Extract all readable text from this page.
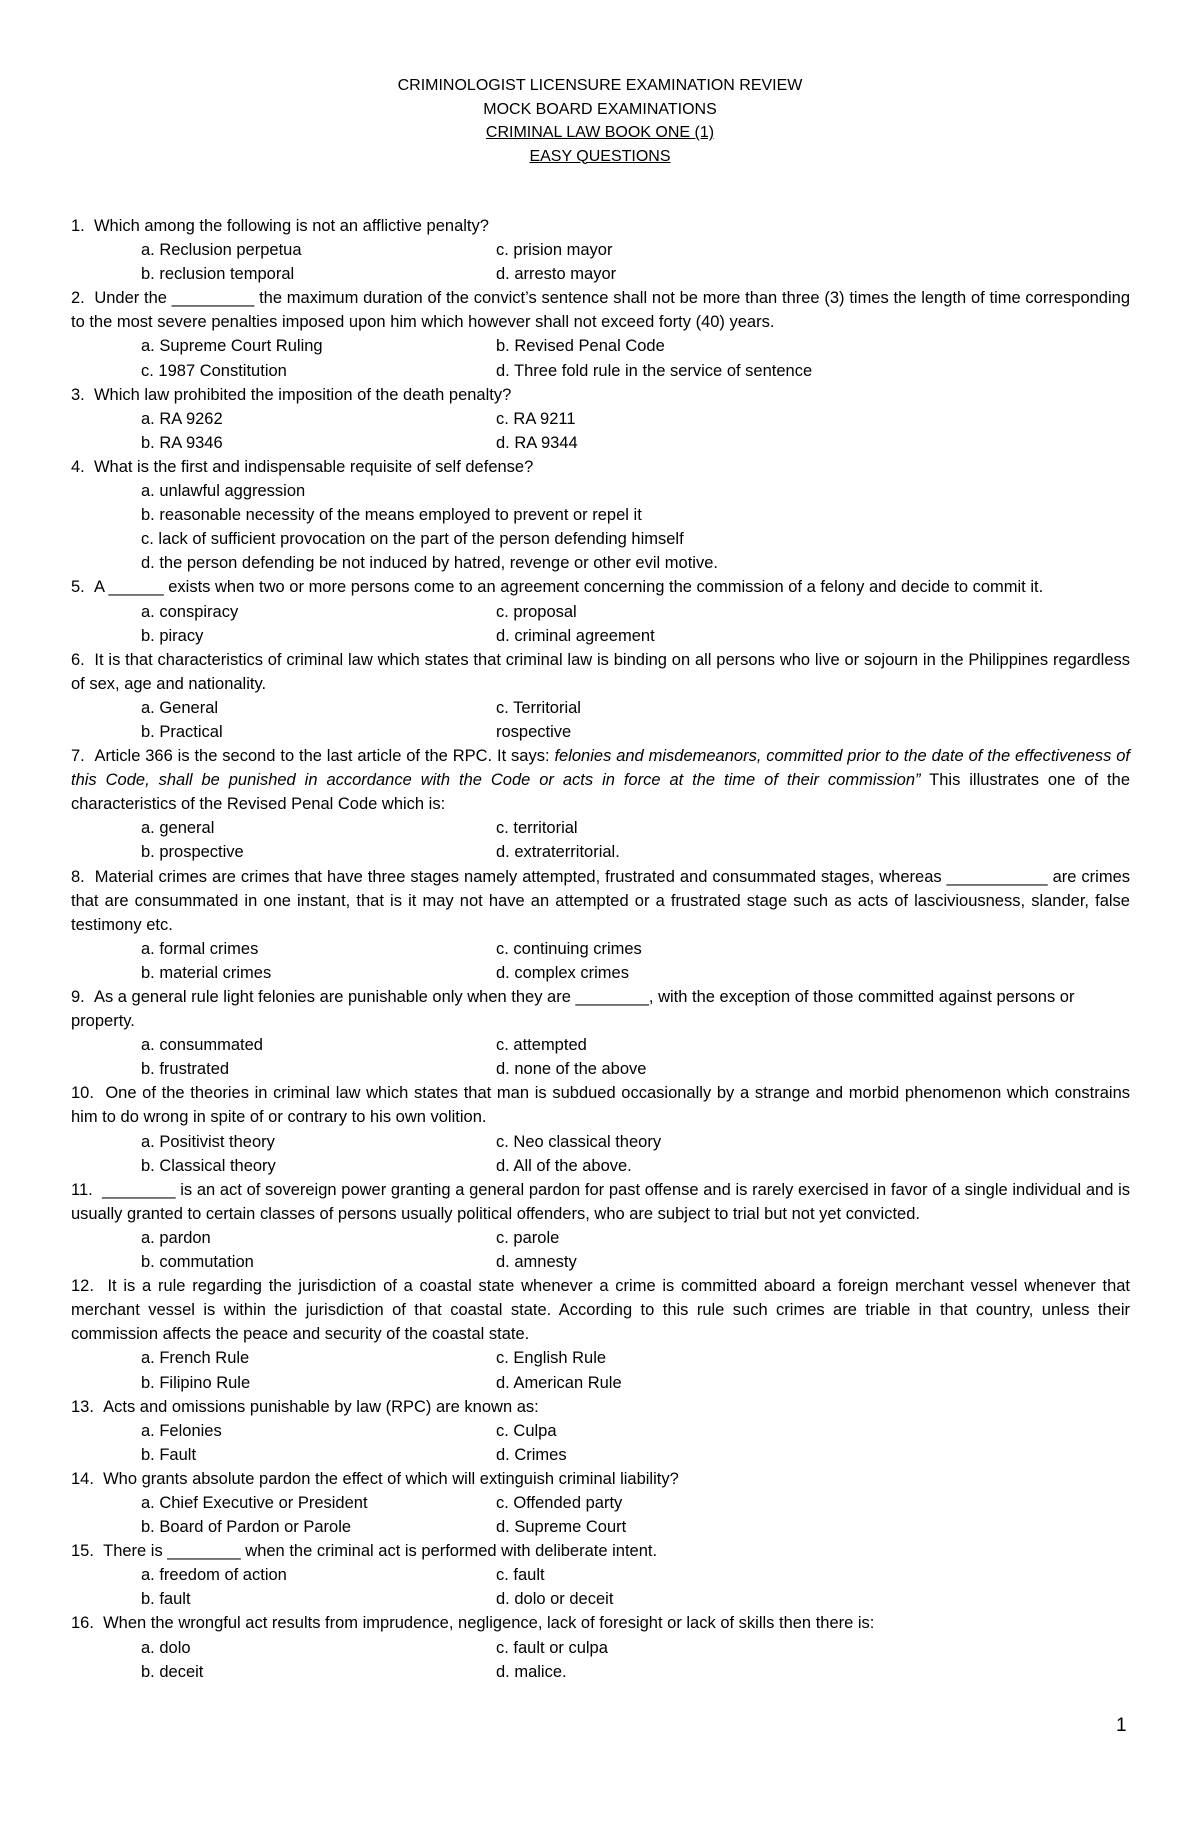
CRIMINOLOGIST LICENSURE EXAMINATION REVIEW
MOCK BOARD EXAMINATIONS
CRIMINAL LAW BOOK ONE (1)
EASY QUESTIONS
1. Which among the following is not an afflictive penalty?
a. Reclusion perpetua	c. prision mayor
b. reclusion temporal	d. arresto mayor
2. Under the _________ the maximum duration of the convict’s sentence shall not be more than three (3) times the length of time corresponding to the most severe penalties imposed upon him which however shall not exceed forty (40) years.
a. Supreme Court Ruling	b. Revised Penal Code
c. 1987 Constitution	d. Three fold rule in the service of sentence
3. Which law prohibited the imposition of the death penalty?
a. RA 9262	c. RA 9211
b. RA 9346	d. RA 9344
4. What is the first and indispensable requisite of self defense?
a. unlawful aggression
b. reasonable necessity of the means employed to prevent or repel it
c. lack of sufficient provocation on the part of the person defending himself
d. the person defending be not induced by hatred, revenge or other evil motive.
5. A ______ exists when two or more persons come to an agreement concerning the commission of a felony and decide to commit it.
a. conspiracy	c. proposal
b. piracy	d. criminal agreement
6. It is that characteristics of criminal law which states that criminal law is binding on all persons who live or sojourn in the Philippines regardless of sex, age and nationality.
a. General	c. Territorial
b. Practical	rospective
7. Article 366 is the second to the last article of the RPC. It says: felonies and misdemeanors, committed prior to the date of the effectiveness of this Code, shall be punished in accordance with the Code or acts in force at the time of their commission” This illustrates one of the characteristics of the Revised Penal Code which is:
a. general	c. territorial
b. prospective	d. extraterritorial.
8. Material crimes are crimes that have three stages namely attempted, frustrated and consummated stages, whereas ___________ are crimes that are consummated in one instant, that is it may not have an attempted or a frustrated stage such as acts of lasciviousness, slander, false testimony etc.
a. formal crimes	c. continuing crimes
b. material crimes	d. complex crimes
9. As a general rule light felonies are punishable only when they are ________, with the exception of those committed against persons or property.
a. consummated	c. attempted
b. frustrated	d. none of the above
10. One of the theories in criminal law which states that man is subdued occasionally by a strange and morbid phenomenon which constrains him to do wrong in spite of or contrary to his own volition.
a. Positivist theory	c. Neo classical theory
b. Classical theory	d. All of the above.
11. ________ is an act of sovereign power granting a general pardon for past offense and is rarely exercised in favor of a single individual and is usually granted to certain classes of persons usually political offenders, who are subject to trial but not yet convicted.
a. pardon	c. parole
b. commutation	d. amnesty
12. It is a rule regarding the jurisdiction of a coastal state whenever a crime is committed aboard a foreign merchant vessel whenever that merchant vessel is within the jurisdiction of that coastal state. According to this rule such crimes are triable in that country, unless their commission affects the peace and security of the coastal state.
a. French Rule	c. English Rule
b. Filipino Rule	d. American Rule
13. Acts and omissions punishable by law (RPC) are known as:
a. Felonies	c. Culpa
b. Fault	d. Crimes
14. Who grants absolute pardon the effect of which will extinguish criminal liability?
a. Chief Executive or President	c. Offended party
b. Board of Pardon or Parole	d. Supreme Court
15. There is ________ when the criminal act is performed with deliberate intent.
a. freedom of action	c. fault
b. fault	d. dolo or deceit
16. When the wrongful act results from imprudence, negligence, lack of foresight or lack of skills then there is:
a. dolo	c. fault or culpa
b. deceit	d. malice.
1
